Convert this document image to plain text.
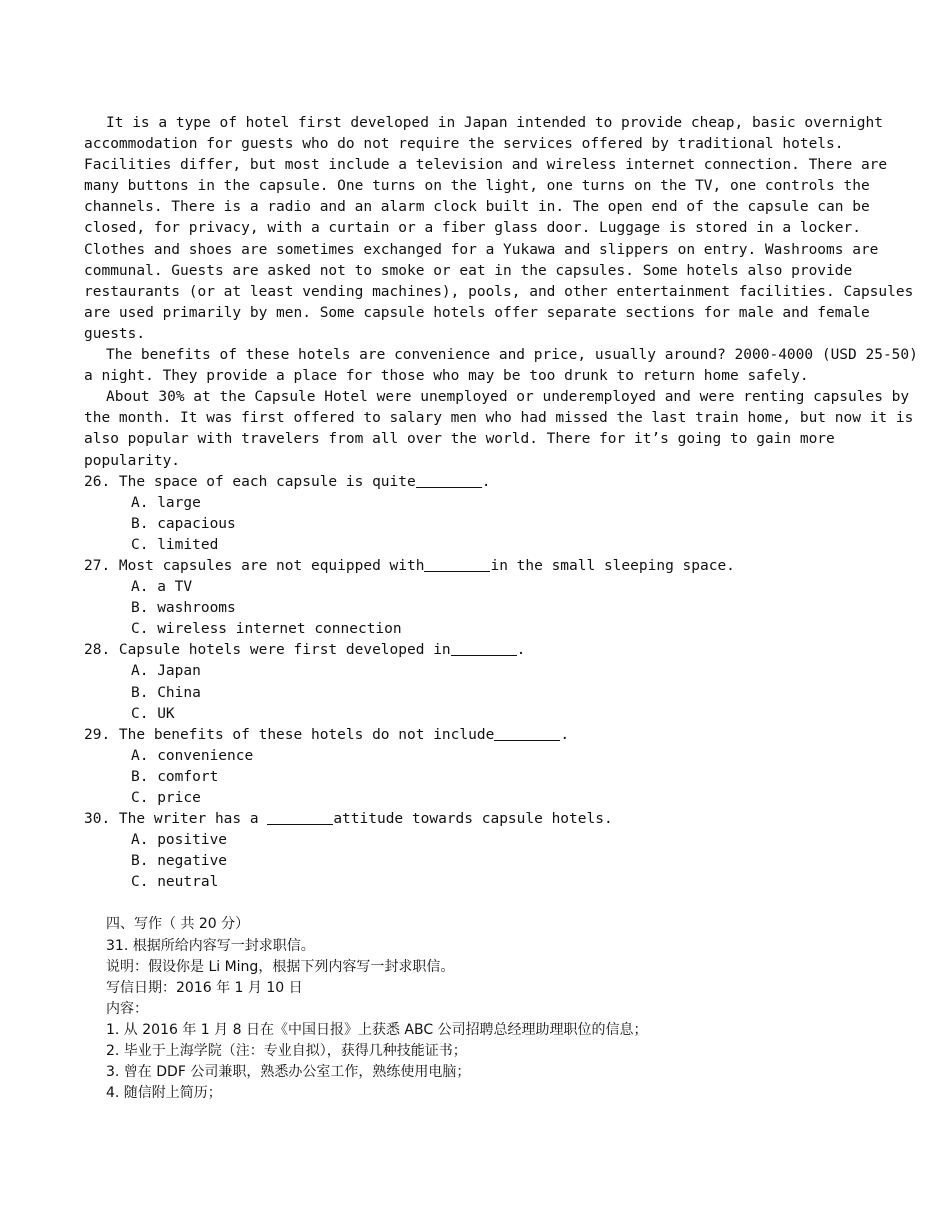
It is a type of hotel first developed in Japan intended to provide cheap, basic overnight
accommodation for guests who do not require the services offered by traditional hotels.
Facilities differ, but most include a television and wireless internet connection. There are
many buttons in the capsule. One turns on the light, one turns on the TV, one controls the
channels. There is a radio and an alarm clock built in. The open end of the capsule can be
closed, for privacy, with a curtain or a fiber glass door. Luggage is stored in a locker.
Clothes and shoes are sometimes exchanged for a Yukawa and slippers on entry. Washrooms are
communal. Guests are asked not to smoke or eat in the capsules. Some hotels also provide
restaurants (or at least vending machines), pools, and other entertainment facilities. Capsules
are used primarily by men. Some capsule hotels offer separate sections for male and female
guests.
The benefits of these hotels are convenience and price, usually around? 2000-4000 (USD 25-50)
a night. They provide a place for those who may be too drunk to return home safely.
About 30% at the Capsule Hotel were unemployed or underemployed and were renting capsules by
the month. It was first offered to salary men who had missed the last train home, but now it is
also popular with travelers from all over the world. There for it’s going to gain more
popularity.
26. The space of each capsule is quite	.
A. large
B. capacious
C. limited
27. Most capsules are not equipped with	in the small sleeping space.
A. a TV
B. washrooms
C. wireless internet connection
28. Capsule hotels were first developed in	.
A. Japan
B. China
C. UK
29. The benefits of these hotels do not include	.
A. convenience
B. comfort
C. price
30. The writer has a	attitude towards capsule hotels.
A. positive
B. negative
C. neutral
四、写作（ 共 20 分）
31. 根据所给内容写一封求职信。
说明：假设你是 Li Ming，根据下列内容写一封求职信。
写信日期：2016 年 1 月 10 日
内容：
1. 从 2016 年 1 月 8 日在《中国日报》上获悉 ABC 公司招聘总经理助理职位的信息；
2. 毕业于上海学院（注：专业自拟），获得几种技能证书；
3. 曾在 DDF 公司兼职，熟悉办公室工作，熟练使用电脑；
4. 随信附上简历；
